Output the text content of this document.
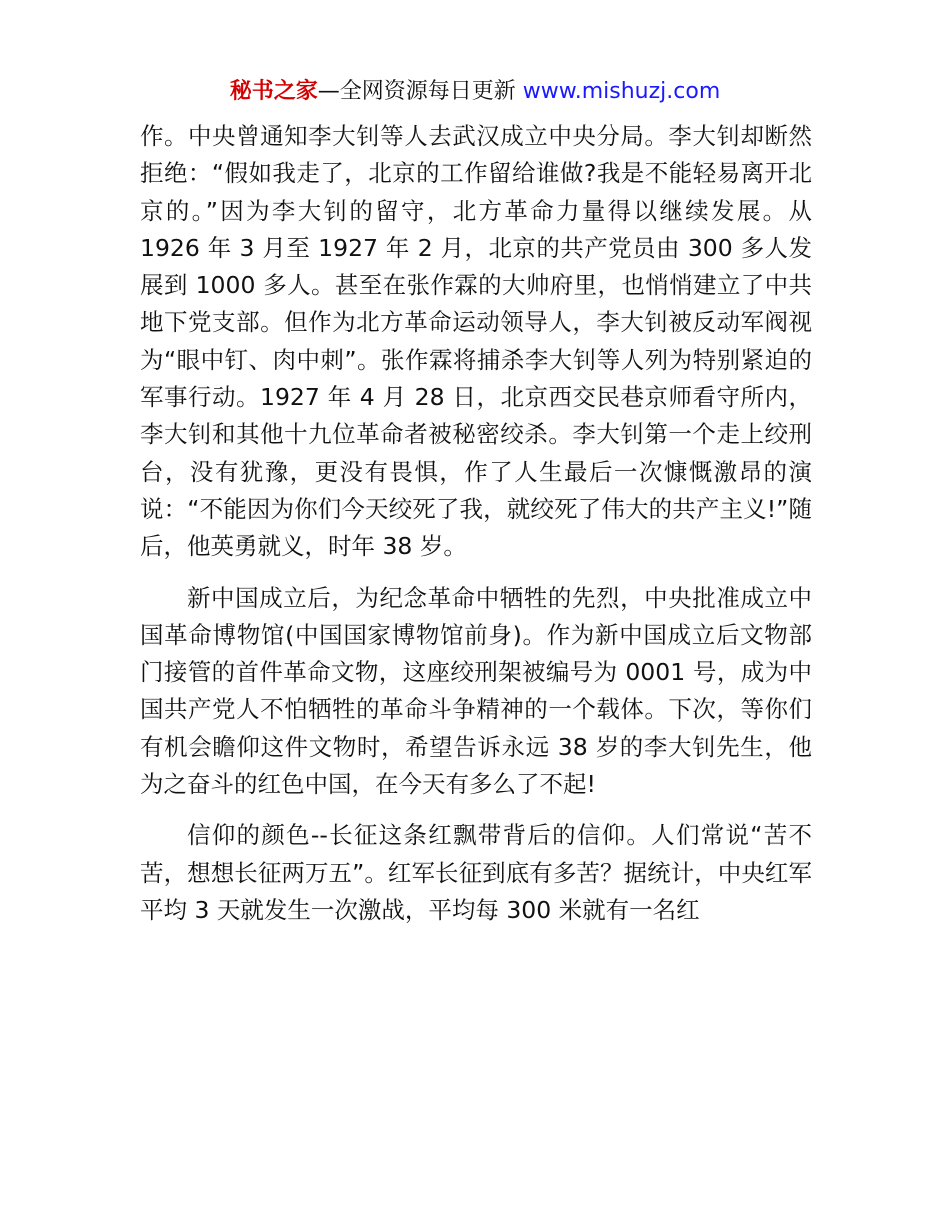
秘书之家—全网资源每日更新 www.mishuzj.com

作。中央曾通知李大钊等人去武汉成立中央分局。李大钊却断然拒绝：“假如我走了，北京的工作留给谁做?我是不能轻易离开北京的。”因为李大钊的留守，北方革命力量得以继续发展。从 1926 年 3 月至 1927 年 2 月，北京的共产党员由 300 多人发展到 1000 多人。甚至在张作霖的大帅府里，也悄悄建立了中共地下党支部。但作为北方革命运动领导人，李大钊被反动军阀视为“眼中钉、肉中刺”。张作霖将捕杀李大钊等人列为特别紧迫的军事行动。1927 年 4 月 28 日，北京西交民巷京师看守所内，李大钊和其他十九位革命者被秘密绞杀。李大钊第一个走上绞刑台，没有犹豫，更没有畏惧，作了人生最后一次慷慨激昂的演说：“不能因为你们今天绞死了我，就绞死了伟大的共产主义!”随后，他英勇就义，时年 38 岁。

新中国成立后，为纪念革命中牺牲的先烈，中央批准成立中国革命博物馆(中国国家博物馆前身)。作为新中国成立后文物部门接管的首件革命文物，这座绞刑架被编号为 0001 号，成为中国共产党人不怕牺牲的革命斗争精神的一个载体。下次，等你们有机会瞻仰这件文物时，希望告诉永远 38 岁的李大钊先生，他为之奋斗的红色中国，在今天有多么了不起!

信仰的颜色--长征这条红飘带背后的信仰。人们常说“苦不苦，想想长征两万五”。红军长征到底有多苦？据统计，中央红军平均 3 天就发生一次激战，平均每 300 米就有一名红
